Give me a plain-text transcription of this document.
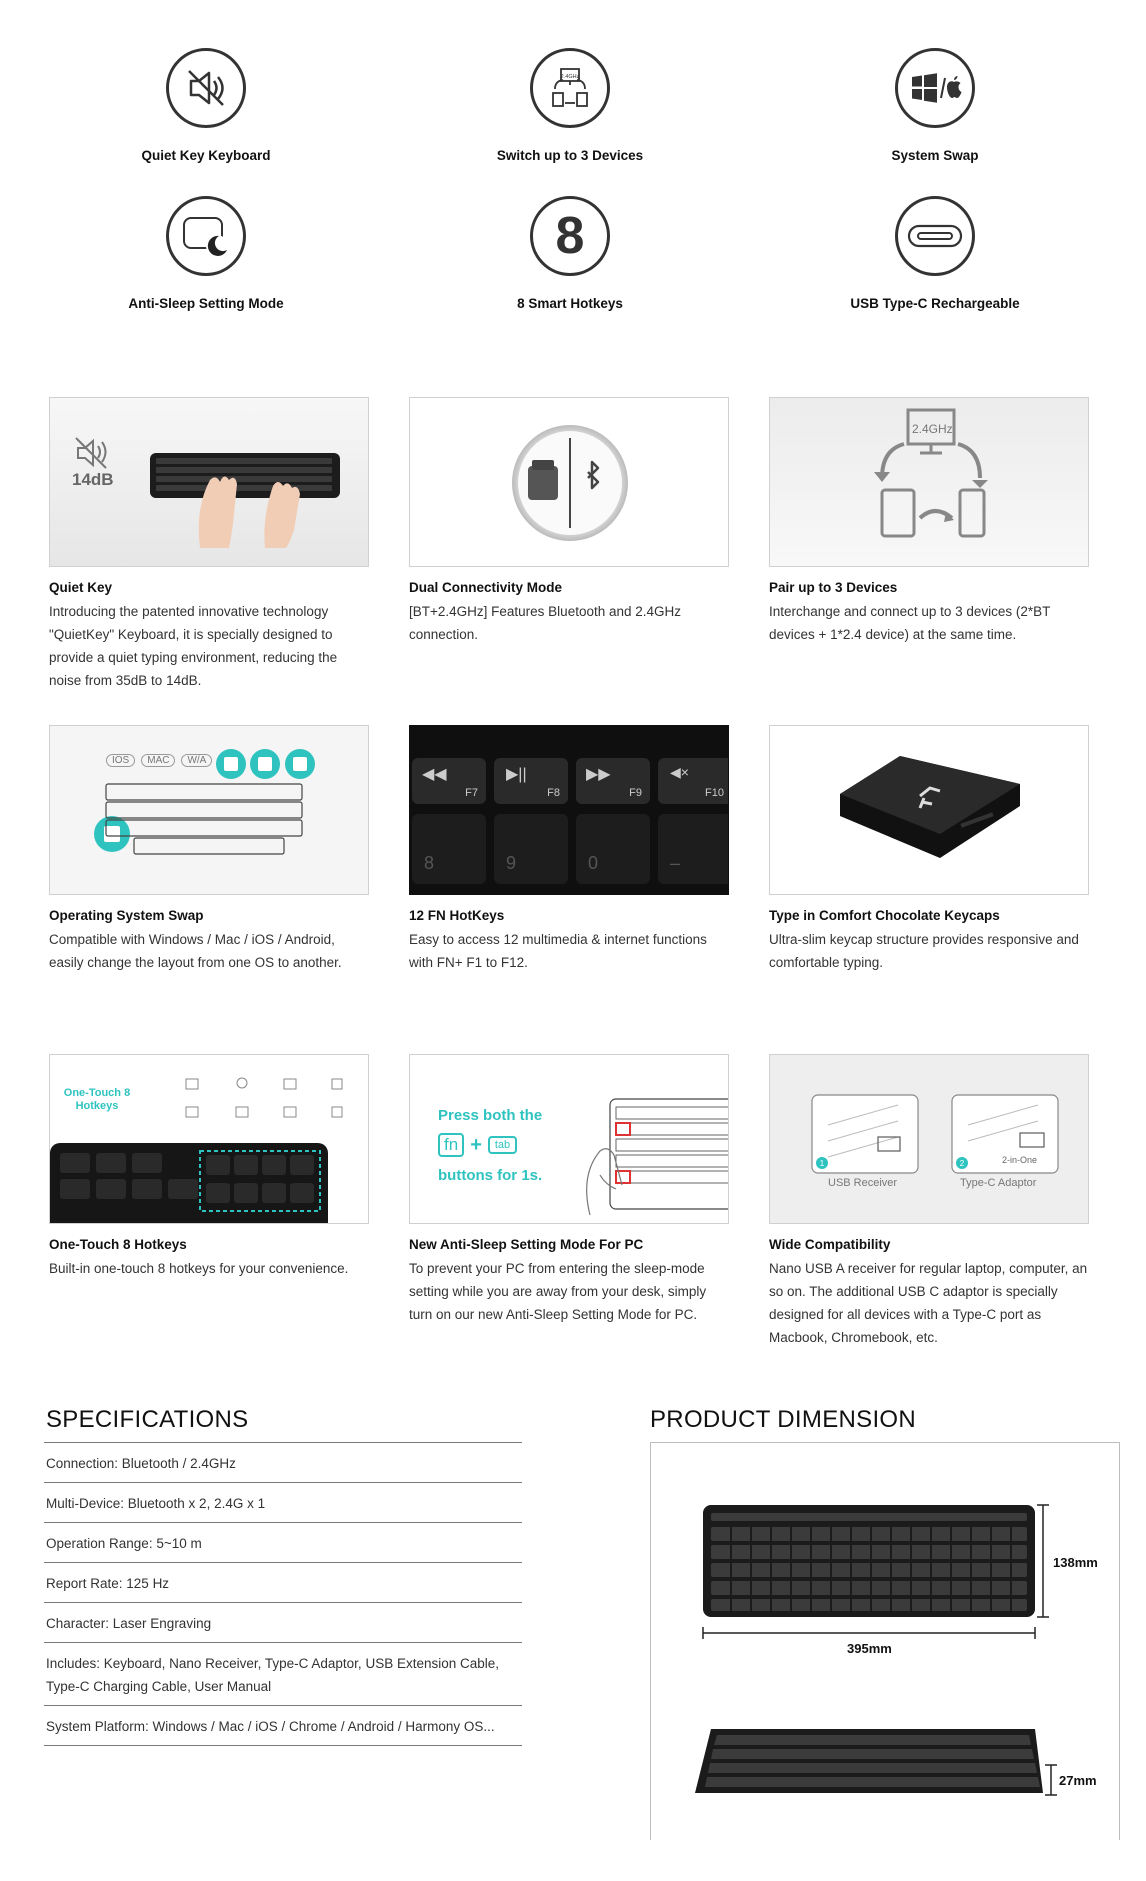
Quiet Key Keyboard
2.4GHz
Switch up to 3 Devices	System Swap
Anti-Sleep Setting Mode
8
8 Smart Hotkeys	USB Type-C Rechargeable
14dB
Quiet Key
Introducing the patented innovative technology "QuietKey" Keyboard, it is specially designed to provide a quiet typing environment, reducing the noise from 35dB to 14dB.
Dual Connectivity Mode
[BT+2.4GHz] Features Bluetooth and 2.4GHz connection.
2.4GHz
Pair up to 3 Devices
Interchange and connect up to 3 devices (2*BT devices + 1*2.4 device) at the same time.
IOS	MAC	W/A
Operating System Swap
Compatible with Windows / Mac / iOS / Android, easily change the layout from one OS to another.
◀◀
F7
▶||
F8
▶▶
F9
◀×
F10
8	9	0	–
12 FN HotKeys
Easy to access 12 multimedia & internet functions with FN+ F1 to F12.
Type in Comfort Chocolate Keycaps
Ultra-slim keycap structure provides responsive and comfortable typing.
One-Touch 8 Hotkeys
One-Touch 8 Hotkeys
Built-in one-touch 8 hotkeys for your convenience.
Press both the
fn +	tab
buttons for 1s.
New Anti-Sleep Setting Mode For PC
To prevent your PC from entering the sleep-mode setting while you are away from your desk, simply turn on our new Anti-Sleep Setting Mode for PC.
1	2	2-in-One
USB Receiver	Type-C Adaptor
Wide Compatibility
Nano USB A receiver for regular laptop, computer, an so on. The additional USB C adaptor is specially designed for all devices with a Type-C port as Macbook, Chromebook, etc.
SPECIFICATIONS
Connection: Bluetooth / 2.4GHz
Multi-Device: Bluetooth x 2, 2.4G x 1
Operation Range: 5~10 m
Report Rate: 125 Hz
Character: Laser Engraving
Includes: Keyboard, Nano Receiver, Type-C Adaptor, USB Extension Cable, Type-C Charging Cable, User Manual
System Platform: Windows / Mac / iOS / Chrome / Android / Harmony OS...
PRODUCT DIMENSION
138mm
395mm
27mm
